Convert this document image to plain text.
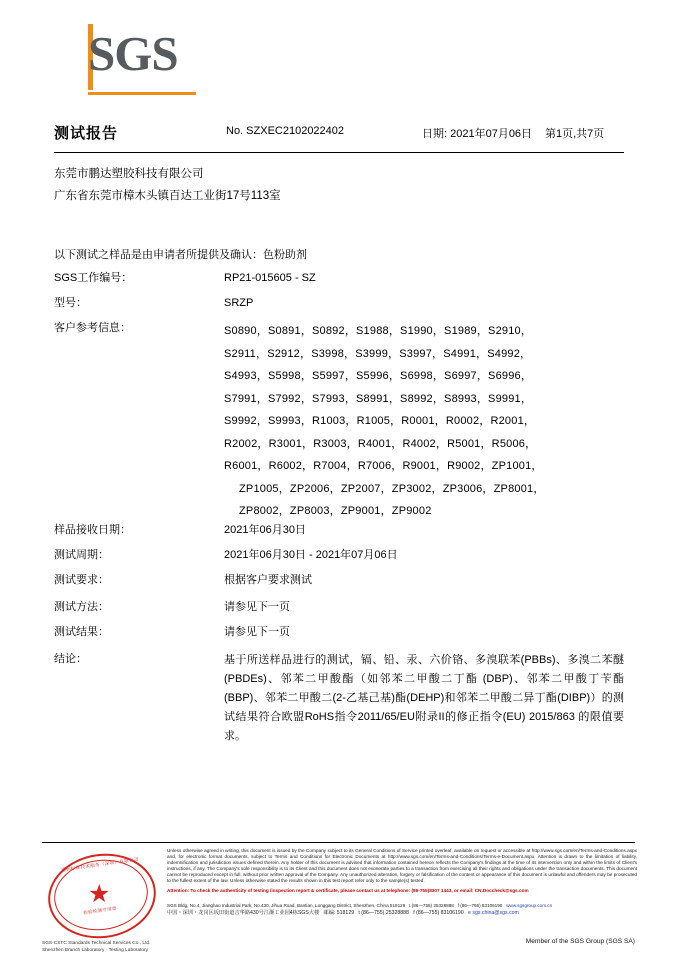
SGS
测试报告	No. SZXEC2102022402	日期: 2021年07月06日 第1页,共7页
东莞市鹏达塑胶科技有限公司
广东省东莞市樟木头镇百达工业街17号113室
以下测试之样品是由申请者所提供及确认：色粉助剂
SGS工作编号：	RP21-015605 - SZ
型号：	SRZP
客户参考信息：	S0890，S0891，S0892，S1988，S1990，S1989，S2910，
S2911，S2912，S3998，S3999，S3997，S4991，S4992，
S4993，S5998，S5997，S5996，S6998，S6997，S6996，
S7991，S7992，S7993，S8991，S8992，S8993，S9991，
S9992，S9993，R1003，R1005，R0001，R0002，R2001，
R2002，R3001，R3003，R4001，R4002，R5001，R5006，
R6001，R6002，R7004，R7006，R9001，R9002，ZP1001，
ZP1005，ZP2006，ZP2007，ZP3002，ZP3006，ZP8001，
ZP8002，ZP8003，ZP9001，ZP9002
样品接收日期：	2021年06月30日
测试周期：	2021年06月30日 - 2021年07月06日
测试要求：	根据客户要求测试
测试方法：	请参见下一页
测试结果：	请参见下一页
结论：	基于所送样品进行的测试，镉、铅、汞、六价铬、多溴联苯(PBBs)、多溴二苯醚(PBDEs)、邻苯二甲酸酯（如邻苯二甲酸二丁酯 (DBP)、邻苯二甲酸丁苄酯(BBP)、邻苯二甲酸二(2-乙基己基)酯(DEHP)和邻苯二甲酸二异丁酯(DIBP)）的测试结果符合欧盟RoHS指令2011/65/EU附录II的修正指令(EU) 2015/863 的限值要求。
通标标准技术服务（深圳）有限公司
★
检验检测专用章
SGS-CSTC Standards Technical Services Co., Ltd.
Shenzhen Branch Laboratory · Testing Laboratory
Unless otherwise agreed in writing, this document is issued by the Company subject to its General Conditions of Service printed overleaf, available on request or accessible at http://www.sgs.com/en/Terms-and-Conditions.aspx and, for electronic format documents, subject to Terms and Conditions for Electronic Documents at http://www.sgs.com/en/Terms-and-Conditions/Terms-e-Document.aspx. Attention is drawn to the limitation of liability, indemnification and jurisdiction issues defined therein. Any holder of this document is advised that information contained hereon reflects the Company's findings at the time of its intervention only and within the limits of Client's instructions, if any. The Company's sole responsibility is to its Client and this document does not exonerate parties to a transaction from exercising all their rights and obligations under the transaction documents. This document cannot be reproduced except in full, without prior written approval of the Company. Any unauthorized alteration, forgery or falsification of the content or appearance of this document is unlawful and offenders may be prosecuted to the fullest extent of the law. Unless otherwise stated the results shown in this test report refer only to the sample(s) tested.
Attention: To check the authenticity of testing /inspection report & certificate, please contact us at telephone: (86-755)8307 1443, or email: CN.Doccheck@sgs.com
SGS Bldg, No.4, Jianghao Industrial Park, No.430, Jihua Road, Bantian, Longgang District, Shenzhen, China 518129 t (86—755) 25328888 f (86—755) 83106190 www.sgsgroup.com.cn
中国・深圳・龙岗区坂田街道吉华路430号江灏工业园4栋SGS大楼 邮编: 518129 t (86—755) 25328888 f (86—755) 83106190 e sgs.china@sgs.com
Member of the SGS Group (SGS SA)
